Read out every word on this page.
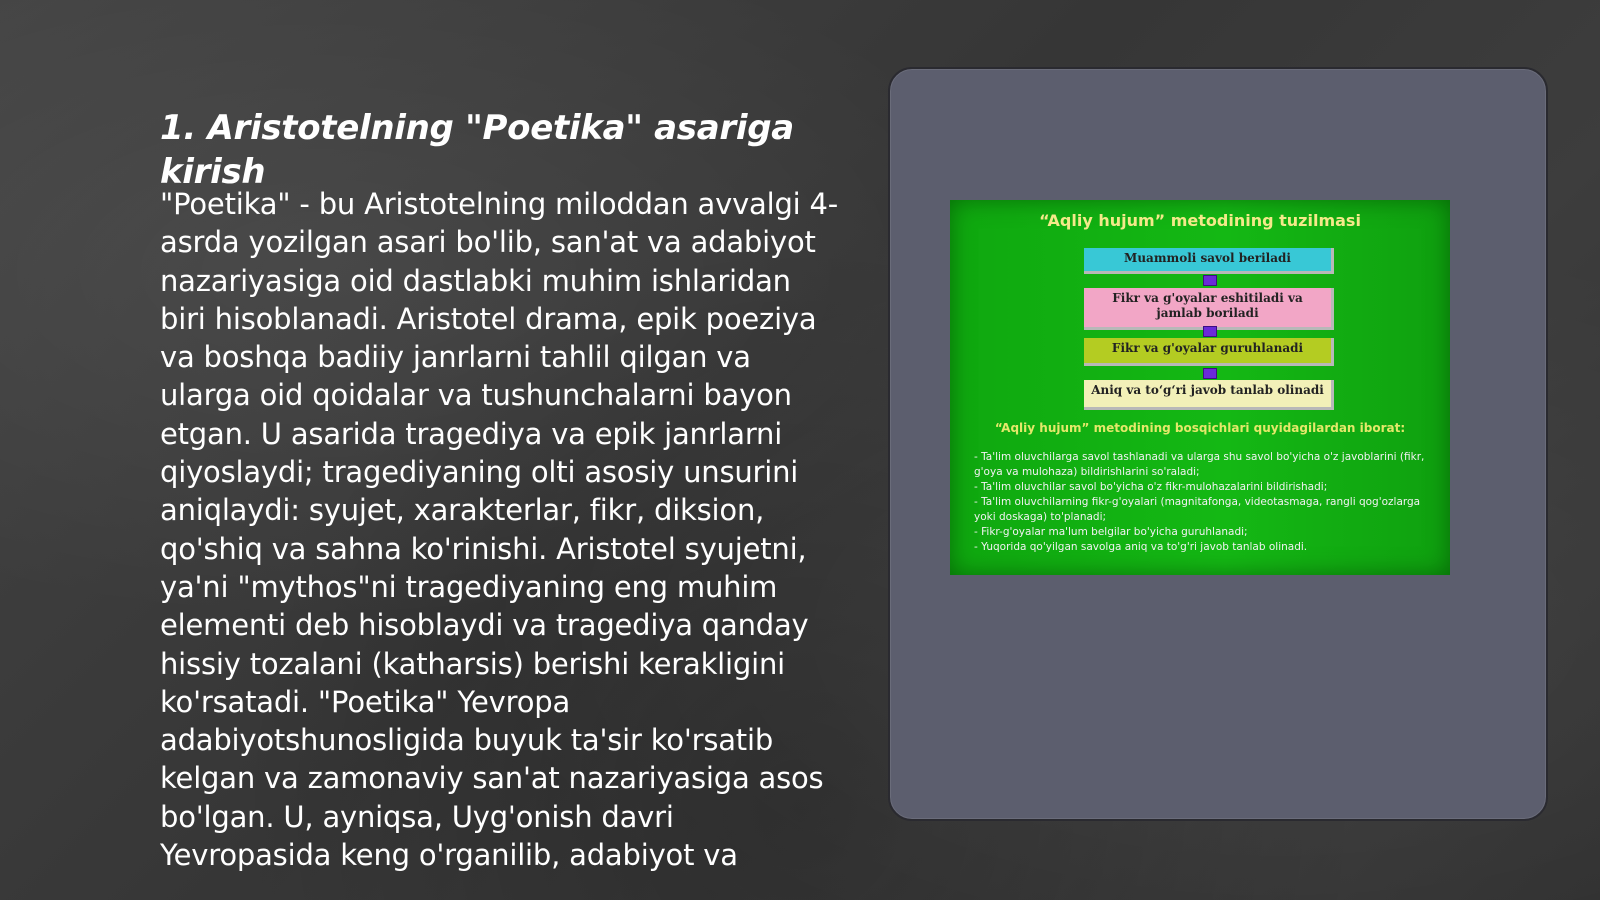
1. Aristotelning "Poetika" asariga kirish

"Poetika" - bu Aristotelning miloddan avvalgi 4-asrda yozilgan asari bo'lib, san'at va adabiyot nazariyasiga oid dastlabki muhim ishlaridan biri hisoblanadi. Aristotel drama, epik poeziya va boshqa badiiy janrlarni tahlil qilgan va ularga oid qoidalar va tushunchalarni bayon etgan. U asarida tragediya va epik janrlarni qiyoslaydi; tragediyaning olti asosiy unsurini aniqlaydi: syujet, xarakterlar, fikr, diksion, qo'shiq va sahna ko'rinishi. Aristotel syujetni, ya'ni "mythos"ni tragediyaning eng muhim elementi deb hisoblaydi va tragediya qanday hissiy tozalani (katharsis) berishi kerakligini ko'rsatadi. "Poetika" Yevropa adabiyotshunosligida buyuk ta'sir ko'rsatib kelgan va zamonaviy san'at nazariyasiga asos bo'lgan. U, ayniqsa, Uyg'onish davri Yevropasida keng o'rganilib, adabiyot va

“Aqliy hujum” metodining tuzilmasi

Muammoli savol beriladi
Fikr va g'oyalar eshitiladi va jamlab boriladi
Fikr va g'oyalar guruhlanadi
Aniq va to‘g‘ri javob tanlab olinadi

“Aqliy hujum” metodining bosqichlari quyidagilardan iborat:

- Ta'lim oluvchilarga savol tashlanadi va ularga shu savol bo'yicha o'z javoblarini (fikr, g'oya va mulohaza) bildirishlarini so'raladi;
- Ta'lim oluvchilar savol bo'yicha o'z fikr-mulohazalarini bildirishadi;
- Ta'lim oluvchilarning fikr-g'oyalari (magnitafonga, videotasmaga, rangli qog'ozlarga yoki doskaga) to'planadi;
- Fikr-g'oyalar ma'lum belgilar bo'yicha guruhlanadi;
- Yuqorida qo'yilgan savolga aniq va to'g'ri javob tanlab olinadi.
